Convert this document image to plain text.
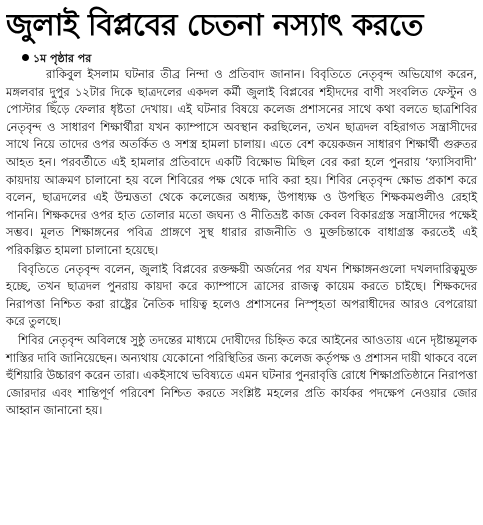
জুলাই বিপ্লবের চেতনা নস্যাৎ করতে
১ম পৃষ্ঠার পর

রাকিবুল ইসলাম ঘটনার তীব্র নিন্দা ও প্রতিবাদ জানান। বিবৃতিতে নেতৃবৃন্দ অভিযোগ করেন, মঙ্গলবার দুপুর ১২টার দিকে ছাত্রদলের একদল কর্মী জুলাই বিপ্লবের শহীদদের বাণী সংবলিত ফেস্টুন ও পোস্টার ছিঁড়ে ফেলার ধৃষ্টতা দেখায়। এই ঘটনার বিষয়ে কলেজ প্রশাসনের সাথে কথা বলতে ছাত্রশিবির নেতৃবৃন্দ ও সাধারণ শিক্ষার্থীরা যখন ক্যাম্পাসে অবস্থান করছিলেন, তখন ছাত্রদল বহিরাগত সন্ত্রাসীদের সাথে নিয়ে তাদের ওপর অতর্কিত ও সশস্ত্র হামলা চালায়। এতে বেশ কয়েকজন সাধারণ শিক্ষার্থী গুরুতর আহত হন। পরবর্তীতে এই হামলার প্রতিবাদে একটি বিক্ষোভ মিছিল বের করা হলে পুনরায় ‘ফ্যাসিবাদী’ কায়দায় আক্রমণ চালানো হয় বলে শিবিরের পক্ষ থেকে দাবি করা হয়। শিবির নেতৃবৃন্দ ক্ষোভ প্রকাশ করে বলেন, ছাত্রদলের এই উন্মত্ততা থেকে কলেজের অধ্যক্ষ, উপাধ্যক্ষ ও উপস্থিত শিক্ষকমণ্ডলীও রেহাই পাননি। শিক্ষকদের ওপর হাত তোলার মতো জঘন্য ও নীতিভ্রষ্ট কাজ কেবল বিকারগ্রস্ত সন্ত্রাসীদের পক্ষেই সম্ভব। মূলত শিক্ষাঙ্গনের পবিত্র প্রাঙ্গণে সুস্থ ধারার রাজনীতি ও মুক্তচিন্তাকে বাধাগ্রস্ত করতেই এই পরিকল্পিত হামলা চালানো হয়েছে।

বিবৃতিতে নেতৃবৃন্দ বলেন, জুলাই বিপ্লবের রক্তক্ষয়ী অর্জনের পর যখন শিক্ষাঙ্গনগুলো দখলদারিত্বমুক্ত হচ্ছে, তখন ছাত্রদল পুনরায় কায়দা করে ক্যাম্পাসে ত্রাসের রাজত্ব কায়েম করতে চাইছে। শিক্ষকদের নিরাপত্তা নিশ্চিত করা রাষ্ট্রের নৈতিক দায়িত্ব হলেও প্রশাসনের নিস্পৃহতা অপরাধীদের আরও বেপরোয়া করে তুলছে।

শিবির নেতৃবৃন্দ অবিলম্বে সুষ্ঠু তদন্তের মাধ্যমে দোষীদের চিহ্নিত করে আইনের আওতায় এনে দৃষ্টান্তমূলক শাস্তির দাবি জানিয়েছেন। অন্যথায় যেকোনো পরিস্থিতির জন্য কলেজ কর্তৃপক্ষ ও প্রশাসন দায়ী থাকবে বলে হুঁশিয়ারি উচ্চারণ করেন তারা। একইসাথে ভবিষ্যতে এমন ঘটনার পুনরাবৃত্তি রোধে শিক্ষাপ্রতিষ্ঠানে নিরাপত্তা জোরদার এবং শান্তিপূর্ণ পরিবেশ নিশ্চিত করতে সংশ্লিষ্ট মহলের প্রতি কার্যকর পদক্ষেপ নেওয়ার জোর আহ্বান জানানো হয়।
